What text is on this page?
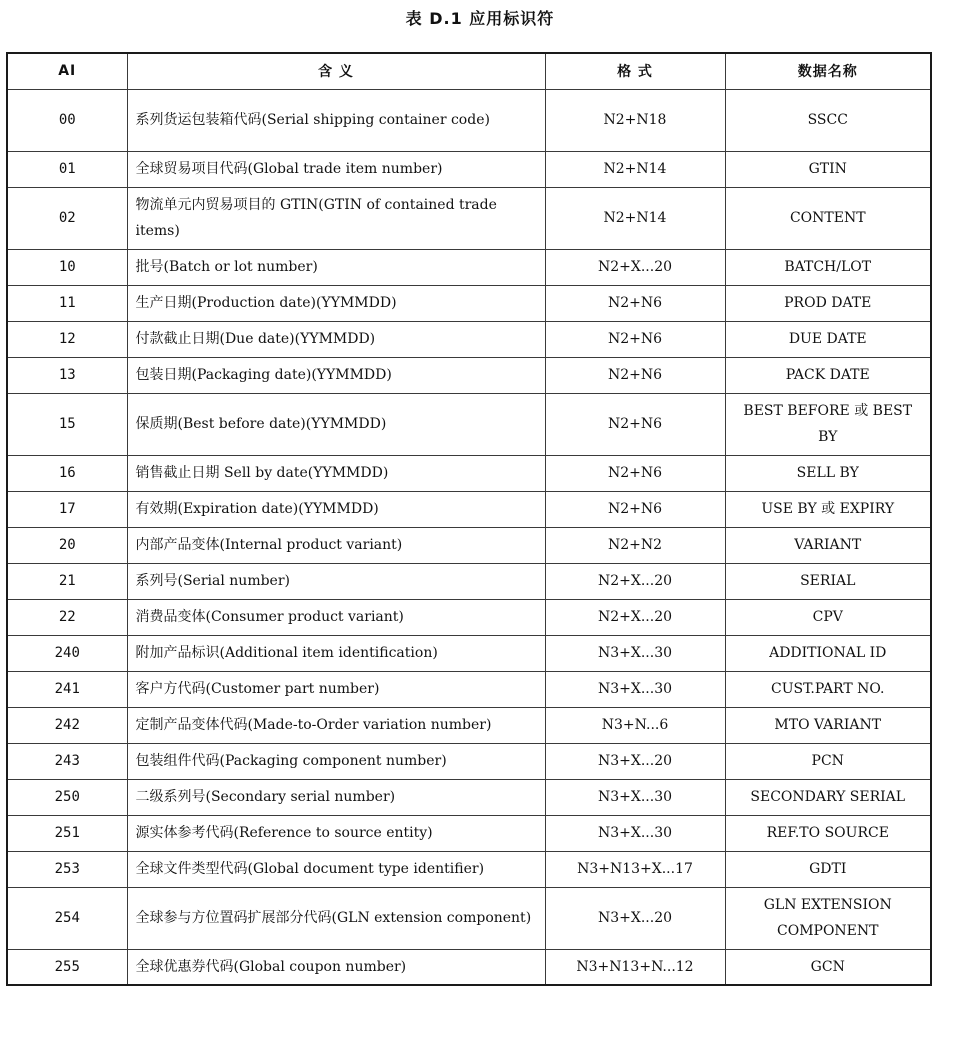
表 D.1 应用标识符
AI	含 义	格 式	数据名称
00	系列货运包装箱代码(Serial shipping container code)	N2+N18	SSCC
01	全球贸易项目代码(Global trade item number)	N2+N14	GTIN
02	物流单元内贸易项目的 GTIN(GTIN of contained trade items)	N2+N14	CONTENT
10	批号(Batch or lot number)	N2+X...20	BATCH/LOT
11	生产日期(Production date)(YYMMDD)	N2+N6	PROD DATE
12	付款截止日期(Due date)(YYMMDD)	N2+N6	DUE DATE
13	包装日期(Packaging date)(YYMMDD)	N2+N6	PACK DATE
15	保质期(Best before date)(YYMMDD)	N2+N6	BEST BEFORE 或 BEST BY
16	销售截止日期 Sell by date(YYMMDD)	N2+N6	SELL BY
17	有效期(Expiration date)(YYMMDD)	N2+N6	USE BY 或 EXPIRY
20	内部产品变体(Internal product variant)	N2+N2	VARIANT
21	系列号(Serial number)	N2+X...20	SERIAL
22	消费品变体(Consumer product variant)	N2+X...20	CPV
240	附加产品标识(Additional item identification)	N3+X...30	ADDITIONAL ID
241	客户方代码(Customer part number)	N3+X...30	CUST.PART NO.
242	定制产品变体代码(Made-to-Order variation number)	N3+N...6	MTO VARIANT
243	包装组件代码(Packaging component number)	N3+X...20	PCN
250	二级系列号(Secondary serial number)	N3+X...30	SECONDARY SERIAL
251	源实体参考代码(Reference to source entity)	N3+X...30	REF.TO SOURCE
253	全球文件类型代码(Global document type identifier)	N3+N13+X...17	GDTI
254	全球参与方位置码扩展部分代码(GLN extension component)	N3+X...20	GLN EXTENSION COMPONENT
255	全球优惠券代码(Global coupon number)	N3+N13+N...12	GCN
